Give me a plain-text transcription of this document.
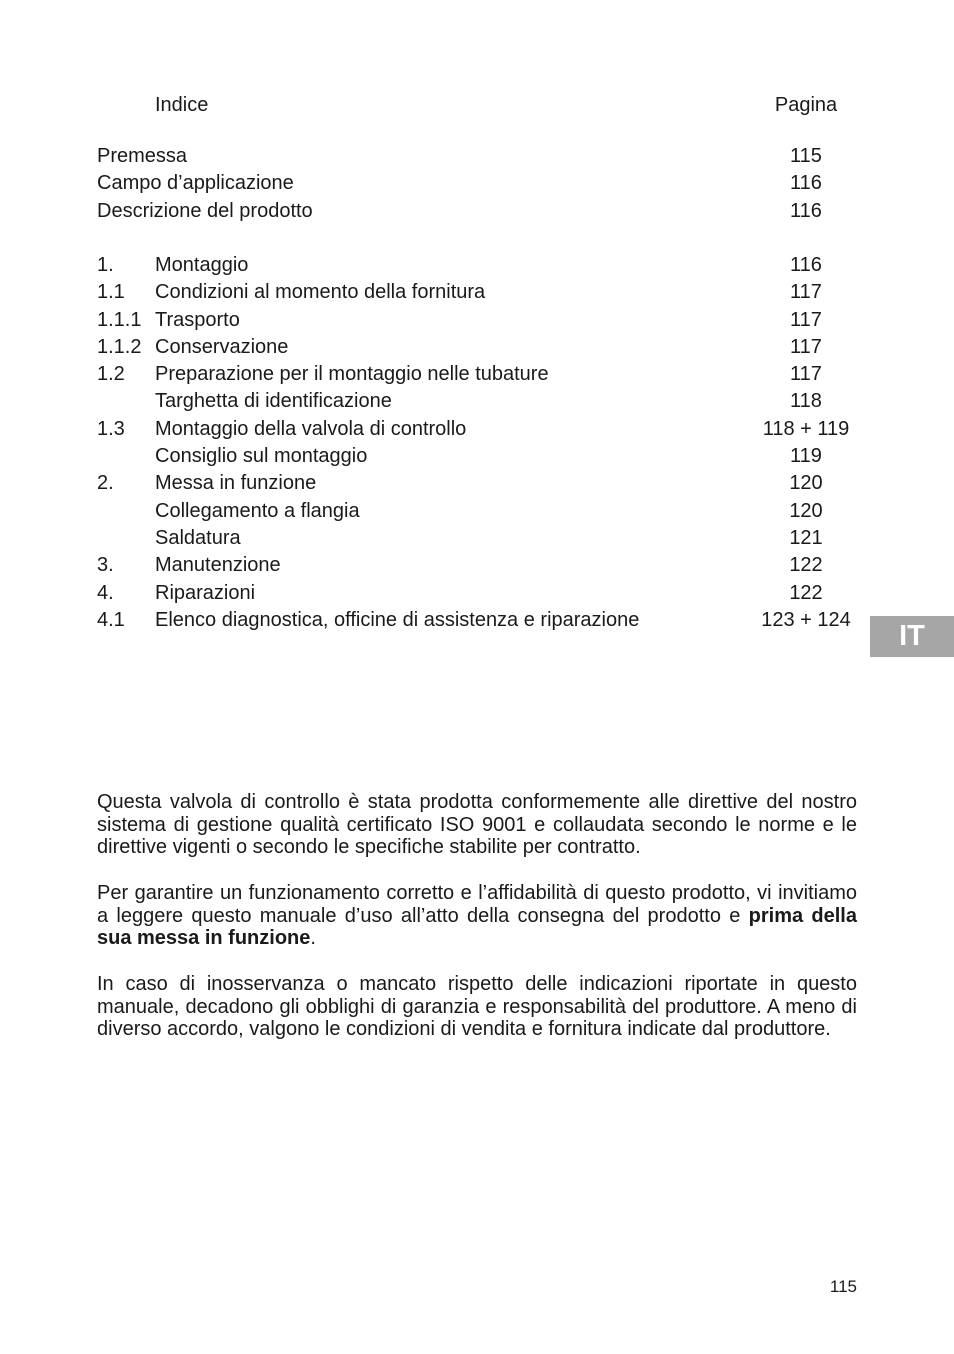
Indice	Pagina
Premessa	115
Campo d’applicazione	116
Descrizione del prodotto	116
1. Montaggio	116
1.1 Condizioni al momento della fornitura	117
1.1.1 Trasporto	117
1.1.2 Conservazione	117
1.2 Preparazione per il montaggio nelle tubature	117
Targhetta di identificazione	118
1.3 Montaggio della valvola di controllo	118 + 119
Consiglio sul montaggio	119
2. Messa in funzione	120
Collegamento a flangia	120
Saldatura	121
3. Manutenzione	122
4. Riparazioni	122
4.1 Elenco diagnostica, officine di assistenza e riparazione	123 + 124
IT

Questa valvola di controllo è stata prodotta conformemente alle direttive del nostro sistema di gestione qualità certificato ISO 9001 e collaudata secondo le norme e le direttive vigenti o secondo le specifiche stabilite per contratto.

Per garantire un funzionamento corretto e l’affidabilità di questo prodotto, vi invitiamo a leggere questo manuale d’uso all’atto della consegna del prodotto e prima della sua messa in funzione.

In caso di inosservanza o mancato rispetto delle indicazioni riportate in questo manuale, decadono gli obblighi di garanzia e responsabilità del produttore. A meno di diverso accordo, valgono le condizioni di vendita e fornitura indicate dal produttore.

115
